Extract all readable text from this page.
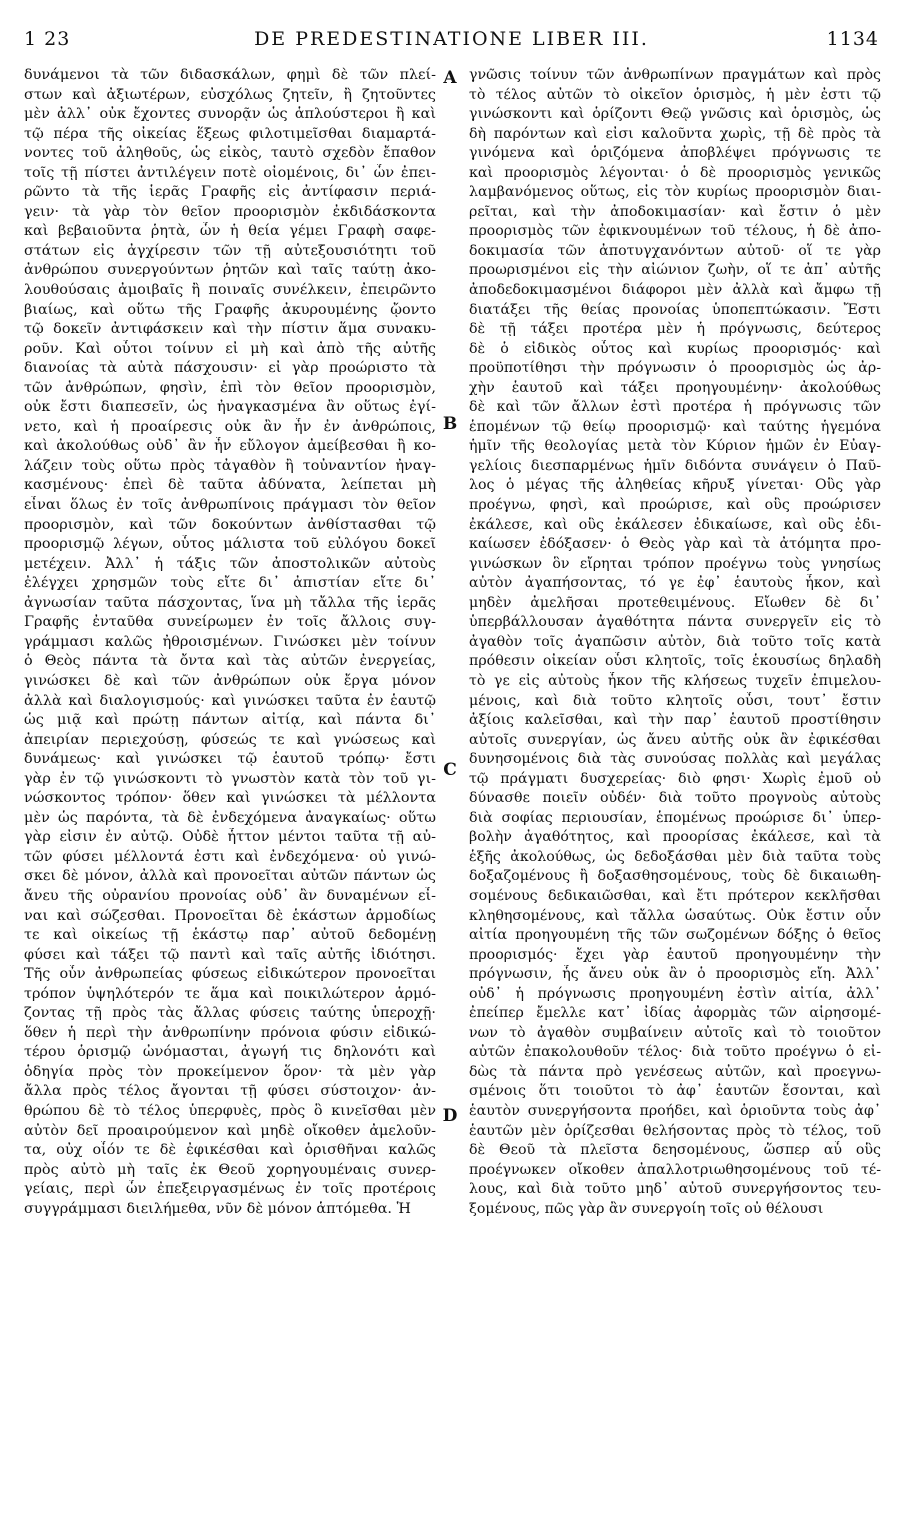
1 23	DE PREDESTINATIONE LIBER III.	1134
A
B
C
D
δυνάμενοι τὰ τῶν διδασκάλων, φημὶ δὲ τῶν πλεί-
στων καὶ ἀξιωτέρων, εὐσχόλως ζητεῖν, ἢ ζητοῦντες
μὲν ἀλλ᾽ οὐκ ἔχοντες συνορᾷν ὡς ἁπλούστεροι ἢ καὶ
τῷ πέρα τῆς οἰκείας ἕξεως φιλοτιμεῖσθαι διαμαρτά-
νοντες τοῦ ἀληθοῦς, ὡς εἰκὸς, ταυτὸ σχεδὸν ἔπαθον
τοῖς τῇ πίστει ἀντιλέγειν ποτὲ οἰομένοις, δι᾽ ὧν ἐπει-
ρῶντο τὰ τῆς ἱερᾶς Γραφῆς εἰς ἀντίφασιν περιά-
γειν· τὰ γὰρ τὸν θεῖον προορισμὸν ἐκδιδάσκοντα
καὶ βεβαιοῦντα ῥητὰ, ὧν ἡ θεία γέμει Γραφὴ σαφε-
στάτων εἰς ἀγχίρεσιν τῶν τῇ αὐτεξουσιότητι τοῦ
ἀνθρώπου συνεργούντων ῥητῶν καὶ ταῖς ταύτῃ ἀκο-
λουθούσαις ἀμοιβαῖς ἢ ποιναῖς συνέλκειν, ἐπειρῶντο
βιαίως, καὶ οὕτω τῆς Γραφῆς ἀκυρουμένης ᾤοντο
τῷ δοκεῖν ἀντιφάσκειν καὶ τὴν πίστιν ἅμα συνακυ-
ροῦν. Καὶ οὗτοι τοίνυν εἰ μὴ καὶ ἀπὸ τῆς αὐτῆς
διανοίας τὰ αὐτὰ πάσχουσιν· εἰ γὰρ προώριστο τὰ
τῶν ἀνθρώπων, φησὶν, ἐπὶ τὸν θεῖον προορισμὸν,
οὐκ ἔστι διαπεσεῖν, ὡς ἠναγκασμένα ἂν οὕτως ἐγί-
νετο, καὶ ἡ προαίρεσις οὐκ ἂν ἦν ἐν ἀνθρώποις,
καὶ ἀκολούθως οὐδ᾽ ἂν ἦν εὔλογον ἀμείβεσθαι ἢ κο-
λάζειν τοὺς οὕτω πρὸς τἀγαθὸν ἢ τοὐναντίον ἠναγ-
κασμένους· ἐπεὶ δὲ ταῦτα ἀδύνατα, λείπεται μὴ
εἶναι ὅλως ἐν τοῖς ἀνθρωπίνοις πράγμασι τὸν θεῖον
προορισμὸν, καὶ τῶν δοκούντων ἀνθίστασθαι τῷ
προορισμῷ λέγων, οὗτος μάλιστα τοῦ εὐλόγου δοκεῖ
μετέχειν. Ἀλλ᾽ ἡ τάξις τῶν ἀποστολικῶν αὐτοὺς
ἐλέγχει χρησμῶν τοὺς εἴτε δι᾽ ἀπιστίαν εἴτε δι᾽
ἀγνωσίαν ταῦτα πάσχοντας, ἵνα μὴ τἄλλα τῆς ἱερᾶς
Γραφῆς ἐνταῦθα συνείρωμεν ἐν τοῖς ἄλλοις συγ-
γράμμασι καλῶς ἠθροισμένων. Γινώσκει μὲν τοίνυν
ὁ Θεὸς πάντα τὰ ὄντα καὶ τὰς αὐτῶν ἐνεργείας,
γινώσκει δὲ καὶ τῶν ἀνθρώπων οὐκ ἔργα μόνον
ἀλλὰ καὶ διαλογισμούς· καὶ γινώσκει ταῦτα ἐν ἑαυτῷ
ὡς μιᾷ καὶ πρώτῃ πάντων αἰτίᾳ, καὶ πάντα δι᾽
ἀπειρίαν περιεχούσῃ, φύσεώς τε καὶ γνώσεως καὶ
δυνάμεως· καὶ γινώσκει τῷ ἑαυτοῦ τρόπῳ· ἔστι
γὰρ ἐν τῷ γινώσκοντι τὸ γνωστὸν κατὰ τὸν τοῦ γι-
νώσκοντος τρόπον· ὅθεν καὶ γινώσκει τὰ μέλλοντα
μὲν ὡς παρόντα, τὰ δὲ ἐνδεχόμενα ἀναγκαίως· οὕτω
γὰρ εἰσιν ἐν αὐτῷ. Οὐδὲ ἧττον μέντοι ταῦτα τῇ αὐ-
τῶν φύσει μέλλοντά ἐστι καὶ ἐνδεχόμενα· οὐ γινώ-
σκει δὲ μόνον, ἀλλὰ καὶ προνοεῖται αὐτῶν πάντων ὡς
ἄνευ τῆς οὐρανίου προνοίας οὐδ᾽ ἂν δυναμένων εἶ-
ναι καὶ σώζεσθαι. Προνοεῖται δὲ ἑκάστων ἁρμοδίως
τε καὶ οἰκείως τῇ ἑκάστῳ παρ᾽ αὐτοῦ δεδομένῃ
φύσει καὶ τάξει τῷ παντὶ καὶ ταῖς αὐτῆς ἰδιότησι.
Τῆς οὖν ἀνθρωπείας φύσεως εἰδικώτερον προνοεῖται
τρόπον ὑψηλότερόν τε ἅμα καὶ ποικιλώτερον ἁρμό-
ζοντας τῇ πρὸς τὰς ἄλλας φύσεις ταύτης ὑπεροχῇ·
ὅθεν ἡ περὶ τὴν ἀνθρωπίνην πρόνοια φύσιν εἰδικώ-
τέρου ὁρισμῷ ὠνόμασται, ἀγωγή τις δηλονότι καὶ
ὁδηγία πρὸς τὸν προκείμενον ὅρον· τὰ μὲν γὰρ
ἄλλα πρὸς τέλος ἄγονται τῇ φύσει σύστοιχον· ἀν-
θρώπου δὲ τὸ τέλος ὑπερφυὲς, πρὸς ὃ κινεῖσθαι μὲν
αὐτὸν δεῖ προαιρούμενον καὶ μηδὲ οἴκοθεν ἀμελοῦν-
τα, οὐχ οἷόν τε δὲ ἐφικέσθαι καὶ ὁρισθῆναι καλῶς
πρὸς αὐτὸ μὴ ταῖς ἐκ Θεοῦ χορηγουμέναις συνερ-
γείαις, περὶ ὧν ἐπεξειργασμένως ἐν τοῖς προτέροις
συγγράμμασι διειλήμεθα, νῦν δὲ μόνον ἁπτόμεθα. Ἡ
γνῶσις τοίνυν τῶν ἀνθρωπίνων πραγμάτων καὶ πρὸς
τὸ τέλος αὐτῶν τὸ οἰκεῖον ὁρισμὸς, ἡ μὲν ἐστι τῷ
γινώσκοντι καὶ ὁρίζοντι Θεῷ γνῶσις καὶ ὁρισμὸς, ὡς
δὴ παρόντων καὶ εἰσι καλοῦντα χωρὶς, τῇ δὲ πρὸς τὰ
γινόμενα καὶ ὁριζόμενα ἀποβλέψει πρόγνωσις τε
καὶ προορισμὸς λέγονται· ὁ δὲ προορισμὸς γενικῶς
λαμβανόμενος οὕτως, εἰς τὸν κυρίως προορισμὸν διαι-
ρεῖται, καὶ τὴν ἀποδοκιμασίαν· καὶ ἔστιν ὁ μὲν
προορισμὸς τῶν ἐφικνουμένων τοῦ τέλους, ἡ δὲ ἀπο-
δοκιμασία τῶν ἀποτυγχανόντων αὐτοῦ· οἵ τε γὰρ
προωρισμένοι εἰς τὴν αἰώνιον ζωὴν, οἵ τε ἀπ᾽ αὐτῆς
ἀποδεδοκιμασμένοι διάφοροι μὲν ἀλλὰ καὶ ἄμφω τῇ
διατάξει τῆς θείας προνοίας ὑποπεπτώκασιν. Ἔστι
δὲ τῇ τάξει προτέρα μὲν ἡ πρόγνωσις, δεύτερος
δὲ ὁ εἰδικὸς οὗτος καὶ κυρίως προορισμός· καὶ
προϋποτίθησι τὴν πρόγνωσιν ὁ προορισμὸς ὡς ἀρ-
χὴν ἑαυτοῦ καὶ τάξει προηγουμένην· ἀκολούθως
δὲ καὶ τῶν ἄλλων ἐστὶ προτέρα ἡ πρόγνωσις τῶν
ἑπομένων τῷ θείῳ προορισμῷ· καὶ ταύτης ἡγεμόνα
ἡμῖν τῆς θεολογίας μετὰ τὸν Κύριον ἡμῶν ἐν Εὐαγ-
γελίοις διεσπαρμένως ἡμῖν διδόντα συνάγειν ὁ Παῦ-
λος ὁ μέγας τῆς ἀληθείας κῆρυξ γίνεται· Οὓς γὰρ
προέγνω, φησὶ, καὶ προώρισε, καὶ οὓς προώρισεν
ἐκάλεσε, καὶ οὓς ἐκάλεσεν ἐδικαίωσε, καὶ οὓς ἐδι-
καίωσεν ἐδόξασεν· ὁ Θεὸς γὰρ καὶ τὰ ἀτόμητα προ-
γινώσκων ὃν εἴρηται τρόπον προέγνω τοὺς γνησίως
αὐτὸν ἀγαπήσοντας, τό γε ἐφ᾽ ἑαυτοὺς ἧκον, καὶ
μηδὲν ἀμελῆσαι προτεθειμένους. Εἴωθεν δὲ δι᾽
ὑπερβάλλουσαν ἀγαθότητα πάντα συνεργεῖν εἰς τὸ
ἀγαθὸν τοῖς ἀγαπῶσιν αὐτὸν, διὰ τοῦτο τοῖς κατὰ
πρόθεσιν οἰκείαν οὖσι κλητοῖς, τοῖς ἑκουσίως δηλαδὴ
τὸ γε εἰς αὐτοὺς ἧκον τῆς κλήσεως τυχεῖν ἐπιμελου-
μένοις, καὶ διὰ τοῦτο κλητοῖς οὖσι, τουτ᾽ ἔστιν
ἀξίοις καλεῖσθαι, καὶ τὴν παρ᾽ ἑαυτοῦ προστίθησιν
αὐτοῖς συνεργίαν, ὡς ἄνευ αὐτῆς οὐκ ἂν ἐφικέσθαι
δυνησομένοις διὰ τὰς συνούσας πολλὰς καὶ μεγάλας
τῷ πράγματι δυσχερείας· διὸ φησι· Χωρὶς ἐμοῦ οὐ
δύνασθε ποιεῖν οὐδέν· διὰ τοῦτο προγνοὺς αὐτοὺς
διὰ σοφίας περιουσίαν, ἑπομένως προώρισε δι᾽ ὑπερ-
βολὴν ἀγαθότητος, καὶ προορίσας ἐκάλεσε, καὶ τὰ
ἑξῆς ἀκολούθως, ὡς δεδοξάσθαι μὲν διὰ ταῦτα τοὺς
δοξαζομένους ἢ δοξασθησομένους, τοὺς δὲ δικαιωθη-
σομένους δεδικαιῶσθαι, καὶ ἔτι πρότερον κεκλῆσθαι
κληθησομένους, καὶ τἄλλα ὡσαύτως. Οὐκ ἔστιν οὖν
αἰτία προηγουμένη τῆς τῶν σωζομένων δόξης ὁ θεῖος
προορισμός· ἔχει γὰρ ἑαυτοῦ προηγουμένην τὴν
πρόγνωσιν, ἧς ἄνευ οὐκ ἂν ὁ προορισμὸς εἴη. Ἀλλ᾽
οὐδ᾽ ἡ πρόγνωσις προηγουμένη ἐστὶν αἰτία, ἀλλ᾽
ἐπείπερ ἔμελλε κατ᾽ ἰδίας ἀφορμὰς τῶν αἱρησομέ-
νων τὸ ἀγαθὸν συμβαίνειν αὐτοῖς καὶ τὸ τοιοῦτον
αὐτῶν ἐπακολουθοῦν τέλος· διὰ τοῦτο προέγνω ὁ εἰ-
δὼς τὰ πάντα πρὸ γενέσεως αὐτῶν, καὶ προεγνω-
σμένοις ὅτι τοιοῦτοι τὸ ἀφ᾽ ἑαυτῶν ἔσονται, καὶ
ἑαυτὸν συνεργήσοντα προήδει, καὶ ὁριοῦντα τοὺς ἀφ᾽
ἑαυτῶν μὲν ὁρίζεσθαι θελήσοντας πρὸς τὸ τέλος, τοῦ
δὲ Θεοῦ τὰ πλεῖστα δεησομένους, ὥσπερ αὖ οὓς
προέγνωκεν οἴκοθεν ἀπαλλοτριωθησομένους τοῦ τέ-
λους, καὶ διὰ τοῦτο μηδ᾽ αὐτοῦ συνεργήσοντος τευ-
ξομένους, πῶς γὰρ ἂν συνεργοίη τοῖς οὐ θέλουσι
